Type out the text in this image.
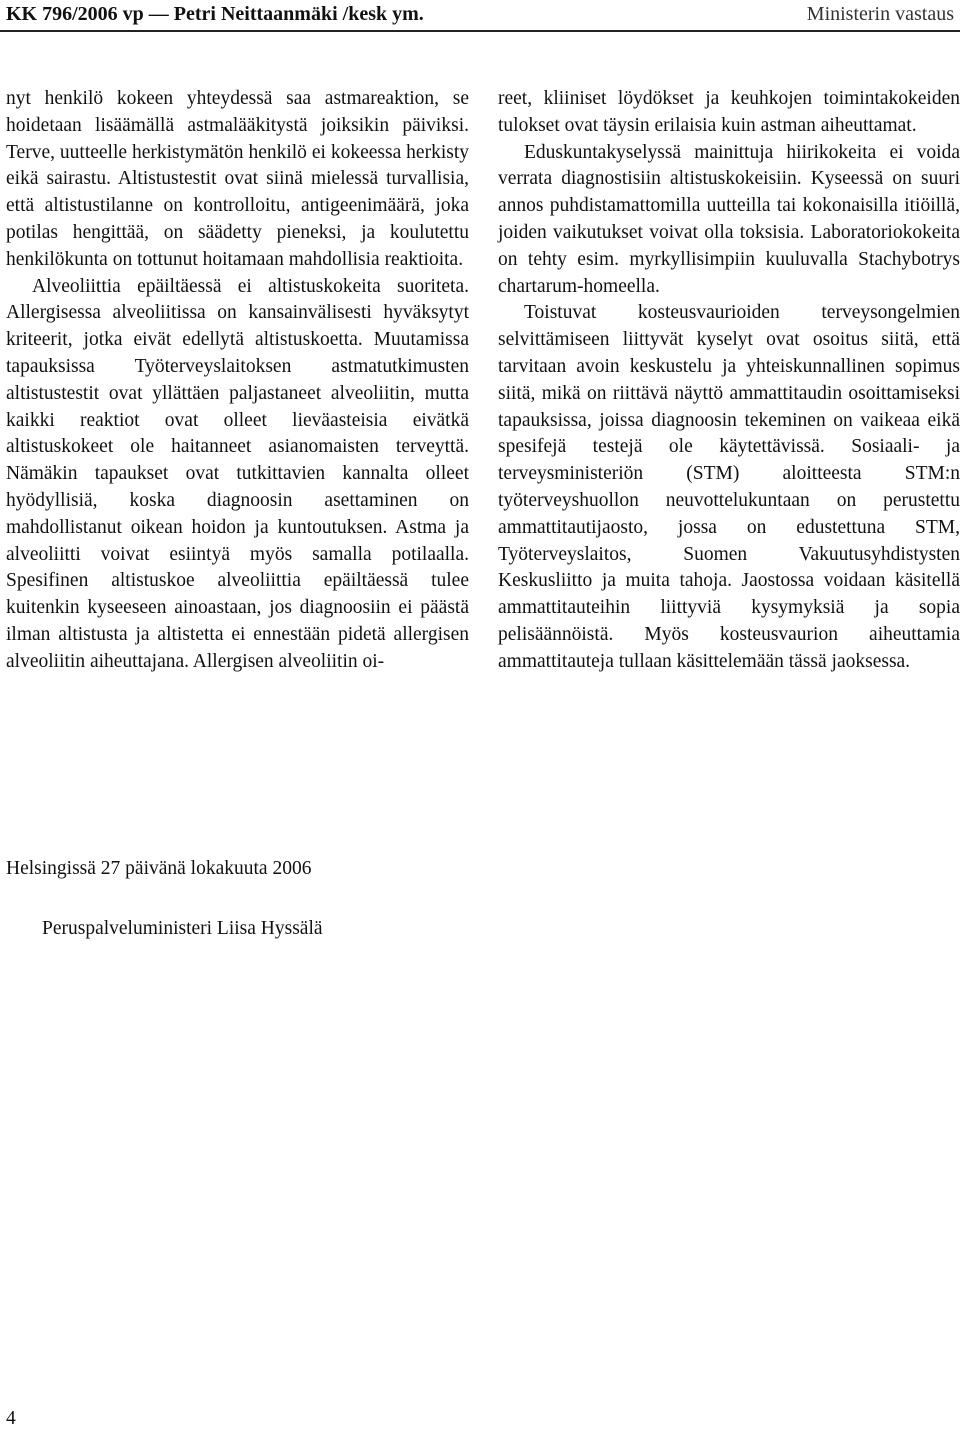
KK 796/2006 vp — Petri Neittaanmäki /kesk ym.	Ministerin vastaus

nyt henkilö kokeen yhteydessä saa astmareaktion, se hoidetaan lisäämällä astmalääkitystä joiksikin päiviksi. Terve, uutteelle herkistymätön henkilö ei kokeessa herkisty eikä sairastu. Altistustestit ovat siinä mielessä turvallisia, että altistustilanne on kontrolloitu, antigeenimäärä, joka potilas hengittää, on säädetty pieneksi, ja koulutettu henkilökunta on tottunut hoitamaan mahdollisia reaktioita.

Alveoliittia epäiltäessä ei altistuskokeita suoriteta. Allergisessa alveoliitissa on kansainvälisesti hyväksytyt kriteerit, jotka eivät edellytä altistuskoetta. Muutamissa tapauksissa Työterveyslaitoksen astmatutkimusten altistustestit ovat yllättäen paljastaneet alveoliitin, mutta kaikki reaktiot ovat olleet lieväasteisia eivätkä altistuskokeet ole haitanneet asianomaisten terveyttä. Nämäkin tapaukset ovat tutkittavien kannalta olleet hyödyllisiä, koska diagnoosin asettaminen on mahdollistanut oikean hoidon ja kuntoutuksen. Astma ja alveoliitti voivat esiintyä myös samalla potilaalla. Spesifinen altistuskoe alveoliittia epäiltäessä tulee kuitenkin kyseeseen ainoastaan, jos diagnoosiin ei päästä ilman altistusta ja altistetta ei ennestään pidetä allergisen alveoliitin aiheuttajana. Allergisen alveoliitin oi-

reet, kliiniset löydökset ja keuhkojen toimintakokeiden tulokset ovat täysin erilaisia kuin astman aiheuttamat.

Eduskuntakyselyssä mainittuja hiirikokeita ei voida verrata diagnostisiin altistuskokeisiin. Kyseessä on suuri annos puhdistamattomilla uutteilla tai kokonaisilla itiöillä, joiden vaikutukset voivat olla toksisia. Laboratoriokokeita on tehty esim. myrkyllisimpiin kuuluvalla Stachybotrys chartarum-homeella.

Toistuvat kosteusvaurioiden terveysongelmien selvittämiseen liittyvät kyselyt ovat osoitus siitä, että tarvitaan avoin keskustelu ja yhteiskunnallinen sopimus siitä, mikä on riittävä näyttö ammattitaudin osoittamiseksi tapauksissa, joissa diagnoosin tekeminen on vaikeaa eikä spesifejä testejä ole käytettävissä. Sosiaali- ja terveysministeriön (STM) aloitteesta STM:n työterveyshuollon neuvottelukuntaan on perustettu ammattitautijaosto, jossa on edustettuna STM, Työterveyslaitos, Suomen Vakuutusyhdistysten Keskusliitto ja muita tahoja. Jaostossa voidaan käsitellä ammattitauteihin liittyviä kysymyksiä ja sopia pelisäännöistä. Myös kosteusvaurion aiheuttamia ammattitauteja tullaan käsittelemään tässä jaoksessa.

Helsingissä 27 päivänä lokakuuta 2006
Peruspalveluministeri Liisa Hyssälä
4
